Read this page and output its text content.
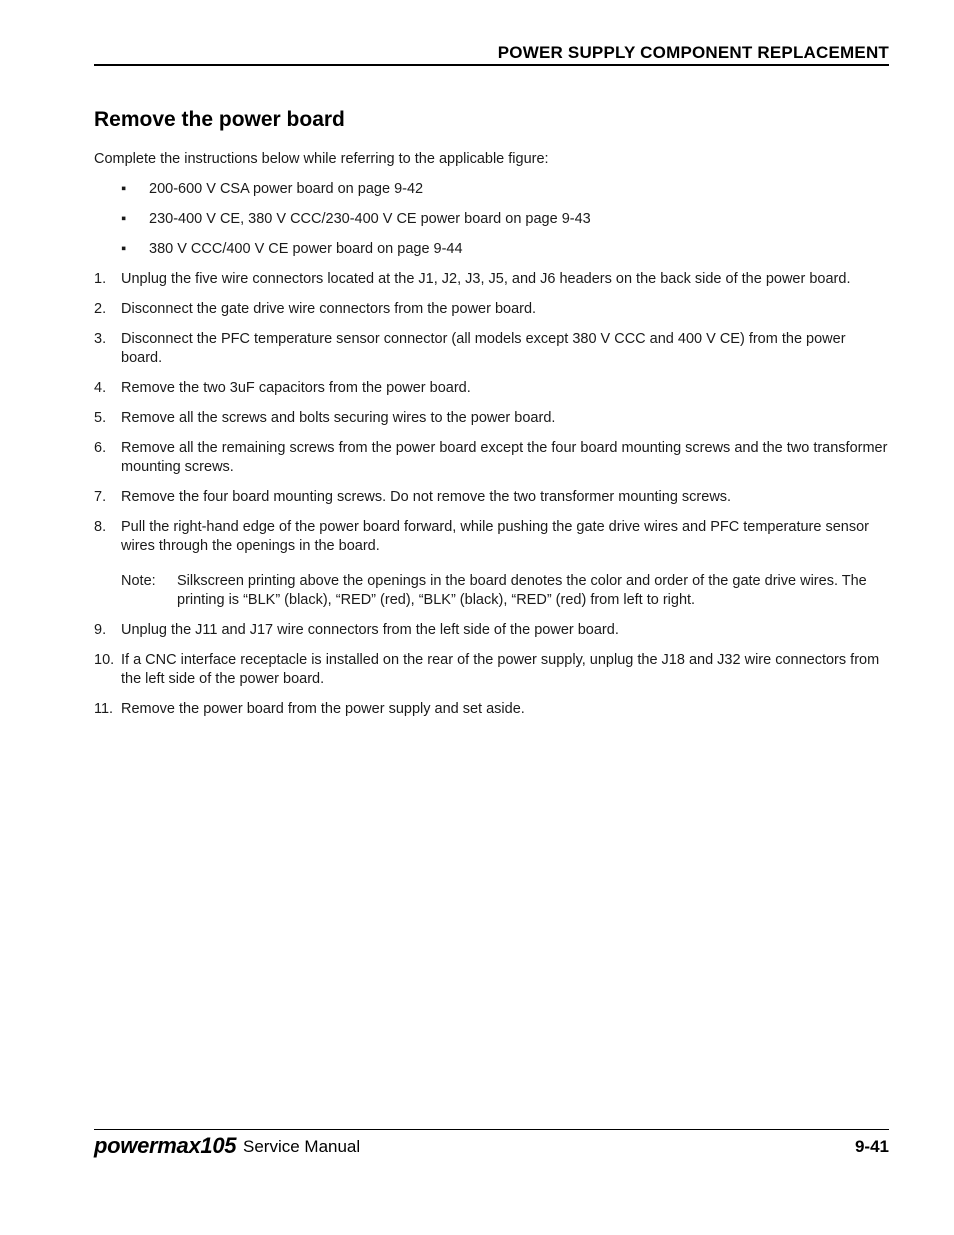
POWER SUPPLY COMPONENT REPLACEMENT
Remove the power board

Complete the instructions below while referring to the applicable figure:

▪ 200-600 V CSA power board on page 9-42
▪ 230-400 V CE, 380 V CCC/230-400 V CE power board on page 9-43
▪ 380 V CCC/400 V CE power board on page 9-44
1. Unplug the five wire connectors located at the J1, J2, J3, J5, and J6 headers on the back side of the power board.
2. Disconnect the gate drive wire connectors from the power board.
3. Disconnect the PFC temperature sensor connector (all models except 380 V CCC and 400 V CE) from the power board.
4. Remove the two 3uF capacitors from the power board.
5. Remove all the screws and bolts securing wires to the power board.
6. Remove all the remaining screws from the power board except the four board mounting screws and the two transformer mounting screws.
7. Remove the four board mounting screws. Do not remove the two transformer mounting screws.
8. Pull the right-hand edge of the power board forward, while pushing the gate drive wires and PFC temperature sensor wires through the openings in the board.
Note: Silkscreen printing above the openings in the board denotes the color and order of the gate drive wires. The printing is “BLK” (black), “RED” (red), “BLK” (black), “RED” (red) from left to right.
9. Unplug the J11 and J17 wire connectors from the left side of the power board.
10. If a CNC interface receptacle is installed on the rear of the power supply, unplug the J18 and J32 wire connectors from the left side of the power board.
11. Remove the power board from the power supply and set aside.
powermax105 Service Manual	9-41
